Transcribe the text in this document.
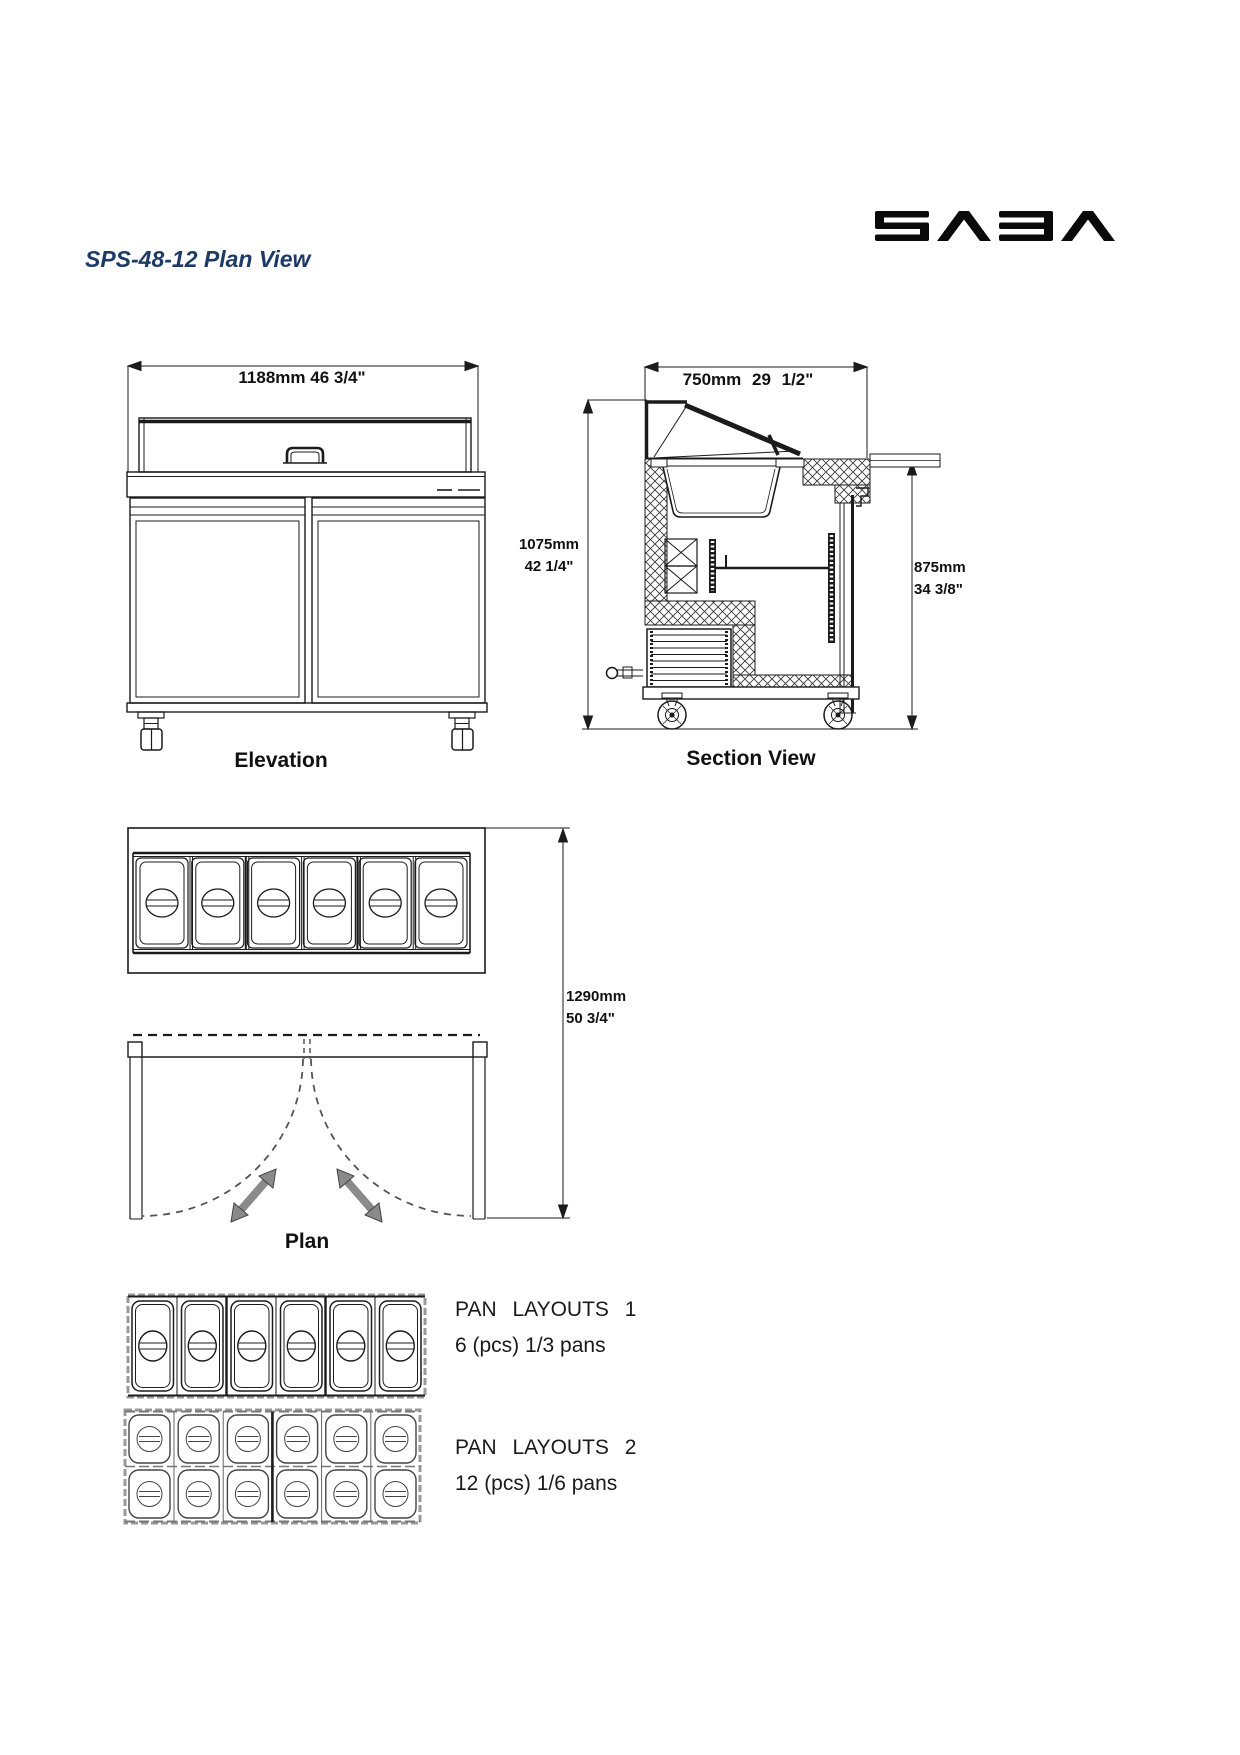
SPS-48-12 Plan View
1188mm 46 3/4"
Elevation
750mm 29 1/2"
1075mm
42 1/4"	875mm
34 3/8"
Section View
1290mm
50 3/4"
Plan
PAN LAYOUTS 1
6 (pcs) 1/3 pans
PAN LAYOUTS 2
12 (pcs) 1/6 pans
